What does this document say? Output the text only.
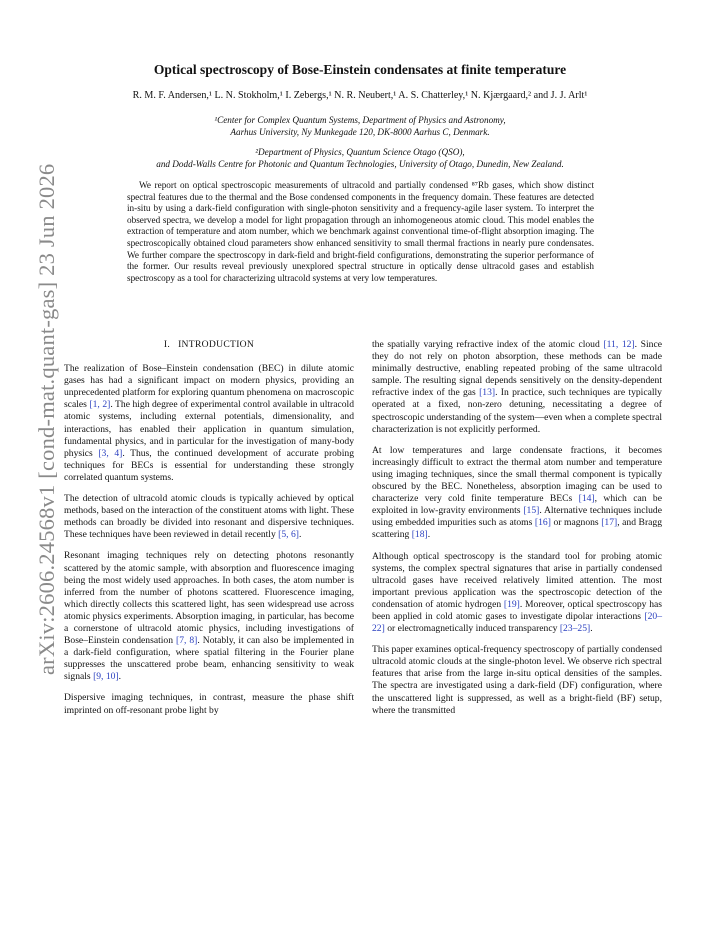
arXiv:2606.24568v1 [cond-mat.quant-gas] 23 Jun 2026
Optical spectroscopy of Bose-Einstein condensates at finite temperature
R. M. F. Andersen,¹ L. N. Stokholm,¹ I. Zebergs,¹ N. R. Neubert,¹ A. S. Chatterley,¹ N. Kjærgaard,² and J. J. Arlt¹
¹Center for Complex Quantum Systems, Department of Physics and Astronomy,
Aarhus University, Ny Munkegade 120, DK-8000 Aarhus C, Denmark.
²Department of Physics, Quantum Science Otago (QSO),
and Dodd-Walls Centre for Photonic and Quantum Technologies, University of Otago, Dunedin, New Zealand.
We report on optical spectroscopic measurements of ultracold and partially condensed ⁸⁷Rb gases, which show distinct spectral features due to the thermal and the Bose condensed components in the frequency domain. These features are detected in-situ by using a dark-field configuration with single-photon sensitivity and a frequency-agile laser system. To interpret the observed spectra, we develop a model for light propagation through an inhomogeneous atomic cloud. This model enables the extraction of temperature and atom number, which we benchmark against conventional time-of-flight absorption imaging. The spectroscopically obtained cloud parameters show enhanced sensitivity to small thermal fractions in nearly pure condensates. We further compare the spectroscopy in dark-field and bright-field configurations, demonstrating the superior performance of the former. Our results reveal previously unexplored spectral structure in optically dense ultracold gases and establish spectroscopy as a tool for characterizing ultracold systems at very low temperatures.
I. INTRODUCTION

The realization of Bose–Einstein condensation (BEC) in dilute atomic gases has had a significant impact on modern physics, providing an unprecedented platform for exploring quantum phenomena on macroscopic scales [1, 2]. The high degree of experimental control available in ultracold atomic systems, including external potentials, dimensionality, and interactions, has enabled their application in quantum simulation, fundamental physics, and in particular for the investigation of many-body physics [3, 4]. Thus, the continued development of accurate probing techniques for BECs is essential for understanding these strongly correlated quantum systems.

The detection of ultracold atomic clouds is typically achieved by optical methods, based on the interaction of the constituent atoms with light. These methods can broadly be divided into resonant and dispersive techniques. These techniques have been reviewed in detail recently [5, 6].

Resonant imaging techniques rely on detecting photons resonantly scattered by the atomic sample, with absorption and fluorescence imaging being the most widely used approaches. In both cases, the atom number is inferred from the number of photons scattered. Fluorescence imaging, which directly collects this scattered light, has seen widespread use across atomic physics experiments. Absorption imaging, in particular, has become a cornerstone of ultracold atomic physics, including investigations of Bose–Einstein condensation [7, 8]. Notably, it can also be implemented in a dark-field configuration, where spatial filtering in the Fourier plane suppresses the unscattered probe beam, enhancing sensitivity to weak signals [9, 10].

Dispersive imaging techniques, in contrast, measure the phase shift imprinted on off-resonant probe light by

the spatially varying refractive index of the atomic cloud [11, 12]. Since they do not rely on photon absorption, these methods can be made minimally destructive, enabling repeated probing of the same ultracold sample. The resulting signal depends sensitively on the density-dependent refractive index of the gas [13]. In practice, such techniques are typically operated at a fixed, non-zero detuning, necessitating a degree of spectroscopic understanding of the system—even when a complete spectral characterization is not explicitly performed.

At low temperatures and large condensate fractions, it becomes increasingly difficult to extract the thermal atom number and temperature using imaging techniques, since the small thermal component is typically obscured by the BEC. Nonetheless, absorption imaging can be used to characterize very cold finite temperature BECs [14], which can be exploited in low-gravity environments [15]. Alternative techniques include using embedded impurities such as atoms [16] or magnons [17], and Bragg scattering [18].

Although optical spectroscopy is the standard tool for probing atomic systems, the complex spectral signatures that arise in partially condensed ultracold gases have received relatively limited attention. The most important previous application was the spectroscopic detection of the condensation of atomic hydrogen [19]. Moreover, optical spectroscopy has been applied in cold atomic gases to investigate dipolar interactions [20–22] or electromagnetically induced transparency [23–25].

This paper examines optical-frequency spectroscopy of partially condensed ultracold atomic clouds at the single-photon level. We observe rich spectral features that arise from the large in-situ optical densities of the samples. The spectra are investigated using a dark-field (DF) configuration, where the unscattered light is suppressed, as well as a bright-field (BF) setup, where the transmitted
